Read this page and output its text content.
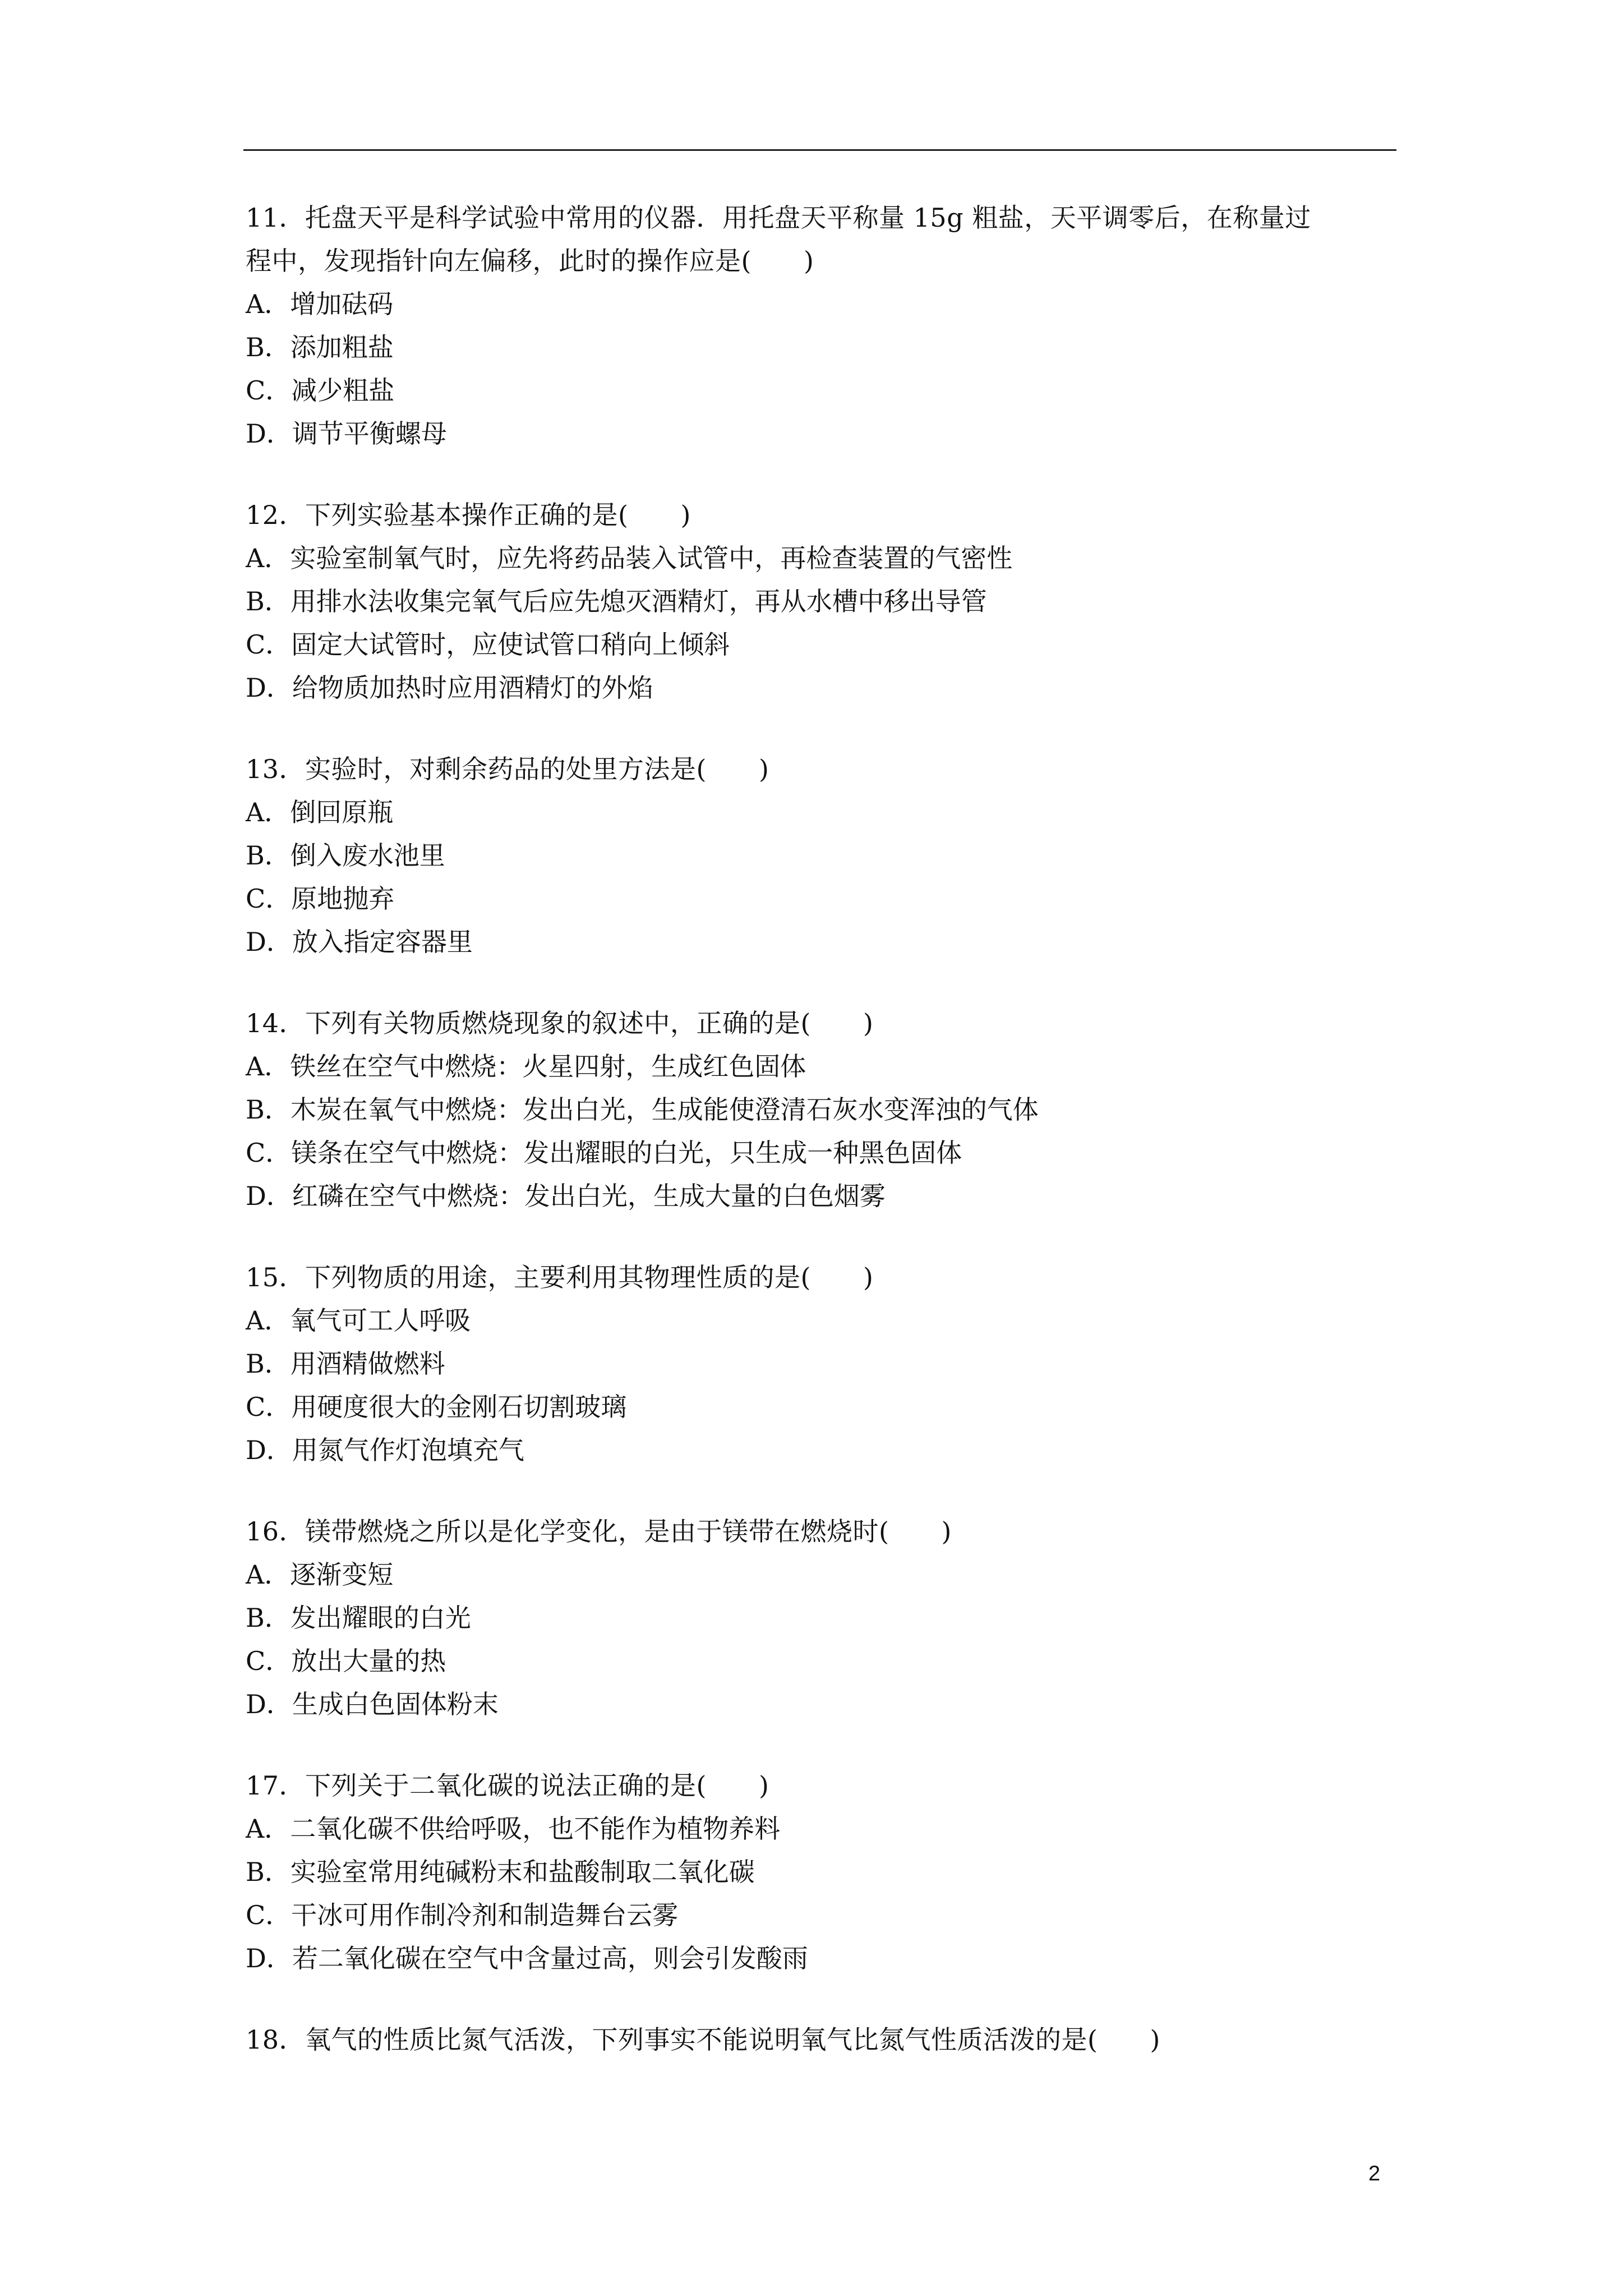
11．托盘天平是科学试验中常用的仪器．用托盘天平称量 15g 粗盐，天平调零后，在称量过
程中，发现指针向左偏移，此时的操作应是(　　)
A．增加砝码
B．添加粗盐
C．减少粗盐
D．调节平衡螺母
12．下列实验基本操作正确的是(　　)
A．实验室制氧气时，应先将药品装入试管中，再检查装置的气密性
B．用排水法收集完氧气后应先熄灭酒精灯，再从水槽中移出导管
C．固定大试管时，应使试管口稍向上倾斜
D．给物质加热时应用酒精灯的外焰
13．实验时，对剩余药品的处里方法是(　　)
A．倒回原瓶
B．倒入废水池里
C．原地抛弃
D．放入指定容器里
14．下列有关物质燃烧现象的叙述中，正确的是(　　)
A．铁丝在空气中燃烧：火星四射，生成红色固体
B．木炭在氧气中燃烧：发出白光，生成能使澄清石灰水变浑浊的气体
C．镁条在空气中燃烧：发出耀眼的白光，只生成一种黑色固体
D．红磷在空气中燃烧：发出白光，生成大量的白色烟雾
15．下列物质的用途，主要利用其物理性质的是(　　)
A．氧气可工人呼吸
B．用酒精做燃料
C．用硬度很大的金刚石切割玻璃
D．用氮气作灯泡填充气
16．镁带燃烧之所以是化学变化，是由于镁带在燃烧时(　　)
A．逐渐变短
B．发出耀眼的白光
C．放出大量的热
D．生成白色固体粉末
17．下列关于二氧化碳的说法正确的是(　　)
A．二氧化碳不供给呼吸，也不能作为植物养料
B．实验室常用纯碱粉末和盐酸制取二氧化碳
C．干冰可用作制冷剂和制造舞台云雾
D．若二氧化碳在空气中含量过高，则会引发酸雨
18．氧气的性质比氮气活泼，下列事实不能说明氧气比氮气性质活泼的是(　　)
2
